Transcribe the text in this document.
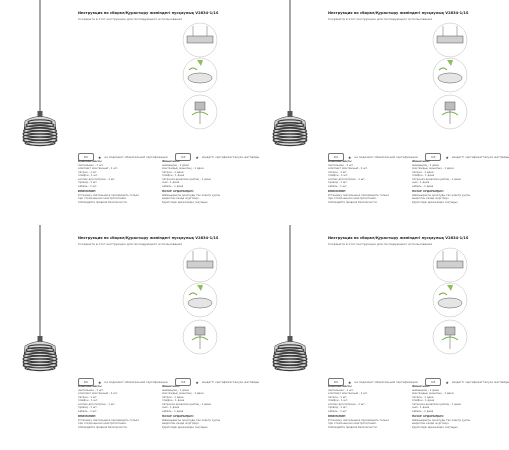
Инструкция по сборке/Құрастыру жөніндегі нұсқаулық V2834-1/1S
Сохраните в этот инструкцию для последующего использования
RU ★ не подлежит обязательной сертификации	KZ ★ міндетті сертификатталуға жатпайды

Комплектность:

светильник - 1 шт.

комплект монтажный - 1 шт.

патрон - 1 шт.

плафон - 1 шт.

колпак для патрона - 1 шт.

провод - 1 шт.

кабель - 1 шт.

ВНИМАНИЕ:

Установку светильника производить только

при отключенном электропитании.

Соблюдайте правила безопасности.

Жиынтығы:

шамшырақ - 1 дана

монтаждық жиынтық - 1 дана

патрон - 1 дана

плафон - 1 дана

патронға арналған қалпақ - 1 дана

сым - 1 дана

кабель - 1 дана

НАЗАР АУДАРЫҢЫЗ:

Шамшырақты орнатуды тек электр қуаты

өшірілген кезде жүргізіңіз.

Қауіпсіздік ережелерін сақтаңыз.

Инструкция по сборке/Құрастыру жөніндегі нұсқаулық V2834-1/1S
Сохраните в этот инструкцию для последующего использования
RU ★ не подлежит обязательной сертификации	KZ ★ міндетті сертификатталуға жатпайды

Комплектность:

светильник - 1 шт.

комплект монтажный - 1 шт.

патрон - 1 шт.

плафон - 1 шт.

колпак для патрона - 1 шт.

провод - 1 шт.

кабель - 1 шт.

ВНИМАНИЕ:

Установку светильника производить только

при отключенном электропитании.

Соблюдайте правила безопасности.

Жиынтығы:

шамшырақ - 1 дана

монтаждық жиынтық - 1 дана

патрон - 1 дана

плафон - 1 дана

патронға арналған қалпақ - 1 дана

сым - 1 дана

кабель - 1 дана

НАЗАР АУДАРЫҢЫЗ:

Шамшырақты орнатуды тек электр қуаты

өшірілген кезде жүргізіңіз.

Қауіпсіздік ережелерін сақтаңыз.

Инструкция по сборке/Құрастыру жөніндегі нұсқаулық V2834-1/1S
Сохраните в этот инструкцию для последующего использования
RU ★ не подлежит обязательной сертификации	KZ ★ міндетті сертификатталуға жатпайды

Комплектность:

светильник - 1 шт.

комплект монтажный - 1 шт.

патрон - 1 шт.

плафон - 1 шт.

колпак для патрона - 1 шт.

провод - 1 шт.

кабель - 1 шт.

ВНИМАНИЕ:

Установку светильника производить только

при отключенном электропитании.

Соблюдайте правила безопасности.

Жиынтығы:

шамшырақ - 1 дана

монтаждық жиынтық - 1 дана

патрон - 1 дана

плафон - 1 дана

патронға арналған қалпақ - 1 дана

сым - 1 дана

кабель - 1 дана

НАЗАР АУДАРЫҢЫЗ:

Шамшырақты орнатуды тек электр қуаты

өшірілген кезде жүргізіңіз.

Қауіпсіздік ережелерін сақтаңыз.

Инструкция по сборке/Құрастыру жөніндегі нұсқаулық V2834-1/1S
Сохраните в этот инструкцию для последующего использования
RU ★ не подлежит обязательной сертификации	KZ ★ міндетті сертификатталуға жатпайды

Комплектность:

светильник - 1 шт.

комплект монтажный - 1 шт.

патрон - 1 шт.

плафон - 1 шт.

колпак для патрона - 1 шт.

провод - 1 шт.

кабель - 1 шт.

ВНИМАНИЕ:

Установку светильника производить только

при отключенном электропитании.

Соблюдайте правила безопасности.

Жиынтығы:

шамшырақ - 1 дана

монтаждық жиынтық - 1 дана

патрон - 1 дана

плафон - 1 дана

патронға арналған қалпақ - 1 дана

сым - 1 дана

кабель - 1 дана

НАЗАР АУДАРЫҢЫЗ:

Шамшырақты орнатуды тек электр қуаты

өшірілген кезде жүргізіңіз.

Қауіпсіздік ережелерін сақтаңыз.
